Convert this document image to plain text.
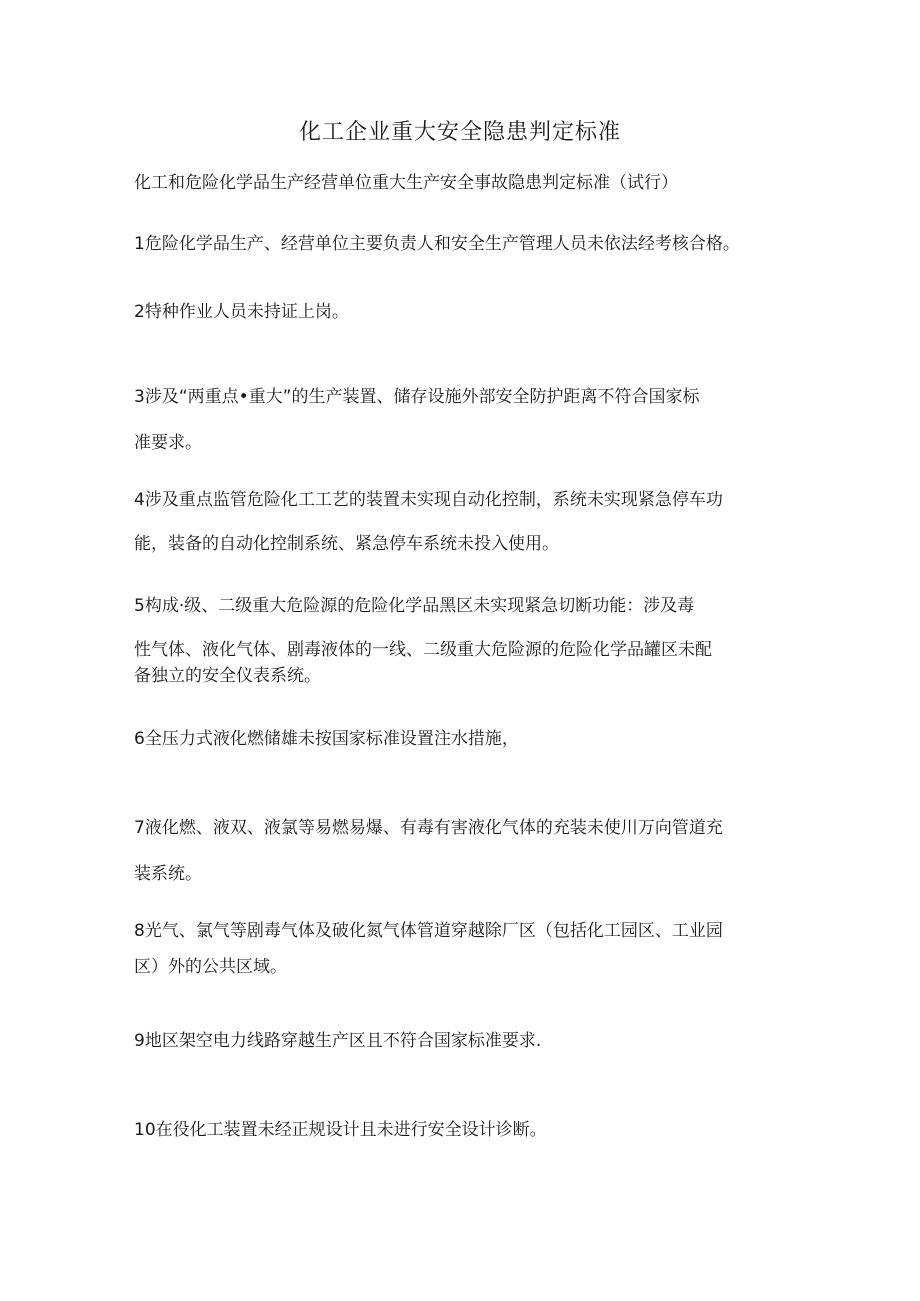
化工企业重大安全隐患判定标准
化工和危险化学品生产经营单位重大生产安全事故隐患判定标准（试行）
1危险化学品生产、经营单位主要负责人和安全生产管理人员未依法经考核合格。
2特种作业人员未持证上岗。
3涉及“两重点•重大”的生产装置、储存设施外部安全防护距离不符合国家标
准要求。
4涉及重点监管危险化工工艺的装置未实现自动化控制，系统未实现紧急停车功
能，装备的自动化控制系统、紧急停车系统未投入使用。
5构成·级、二级重大危险源的危险化学品黑区未实现紧急切断功能：涉及毒
性气体、液化气体、剧毒液体的一线、二级重大危险源的危险化学品罐区未配
备独立的安全仪表系统。
6全压力式液化燃储雄未按国家标准设置注水措施，
7液化燃、液双、液氯等易燃易爆、有毒有害液化气体的充装未使川万向管道充
装系统。
8光气、氯气等剧毒气体及破化氮气体管道穿越除厂区（包括化工园区、工业园
区）外的公共区域。
9地区架空电力线路穿越生产区且不符合国家标准要求.
10在役化工装置未经正规设计且未进行安全设计诊断。
